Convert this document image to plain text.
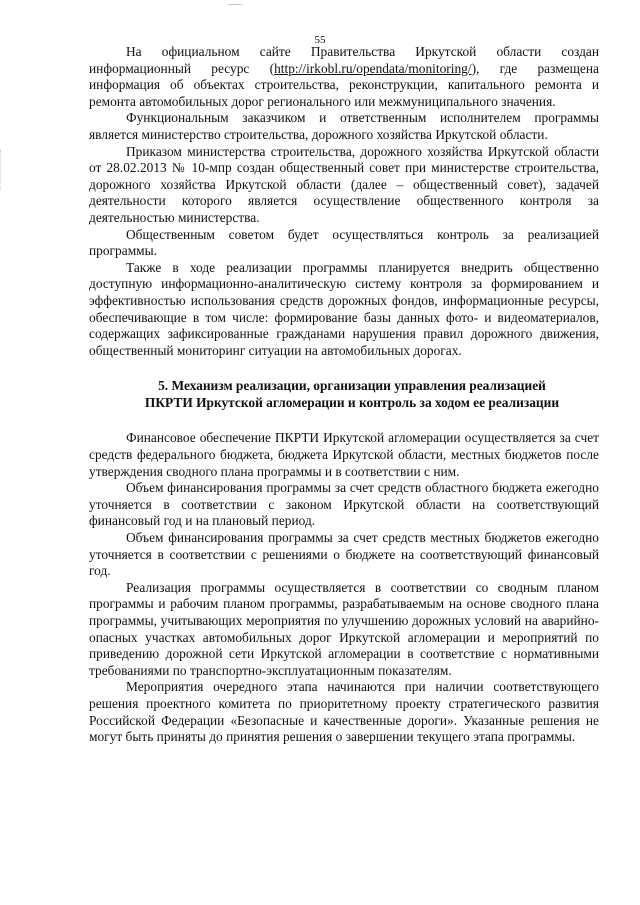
55

На официальном сайте Правительства Иркутской области создан информационный ресурс (http://irkobl.ru/opendata/monitoring/), где размещена информация об объектах строительства, реконструкции, капитального ремонта и ремонта автомобильных дорог регионального или межмуниципального значения.

Функциональным заказчиком и ответственным исполнителем программы является министерство строительства, дорожного хозяйства Иркутской области.

Приказом министерства строительства, дорожного хозяйства Иркутской области от 28.02.2013 № 10-мпр создан общественный совет при министерстве строительства, дорожного хозяйства Иркутской области (далее – общественный совет), задачей деятельности которого является осуществление общественного контроля за деятельностью министерства.

Общественным советом будет осуществляться контроль за реализацией программы.

Также в ходе реализации программы планируется внедрить общественно доступную информационно-аналитическую систему контроля за формированием и эффективностью использования средств дорожных фондов, информационные ресурсы, обеспечивающие в том числе: формирование базы данных фото- и видеоматериалов, содержащих зафиксированные гражданами нарушения правил дорожного движения, общественный мониторинг ситуации на автомобильных дорогах.

5. Механизм реализации, организации управления реализацией
ПКРТИ Иркутской агломерации и контроль за ходом ее реализации

Финансовое обеспечение ПКРТИ Иркутской агломерации осуществляется за счет средств федерального бюджета, бюджета Иркутской области, местных бюджетов после утверждения сводного плана программы и в соответствии с ним.

Объем финансирования программы за счет средств областного бюджета ежегодно уточняется в соответствии с законом Иркутской области на соответствующий финансовый год и на плановый период.

Объем финансирования программы за счет средств местных бюджетов ежегодно уточняется в соответствии с решениями о бюджете на соответствующий финансовый год.

Реализация программы осуществляется в соответствии со сводным планом программы и рабочим планом программы, разрабатываемым на основе сводного плана программы, учитывающих мероприятия по улучшению дорожных условий на аварийно-опасных участках автомобильных дорог Иркутской агломерации и мероприятий по приведению дорожной сети Иркутской агломерации в соответствие с нормативными требованиями по транспортно-эксплуатационным показателям.

Мероприятия очередного этапа начинаются при наличии соответствующего решения проектного комитета по приоритетному проекту стратегического развития Российской Федерации «Безопасные и качественные дороги». Указанные решения не могут быть приняты до принятия решения о завершении текущего этапа программы.
